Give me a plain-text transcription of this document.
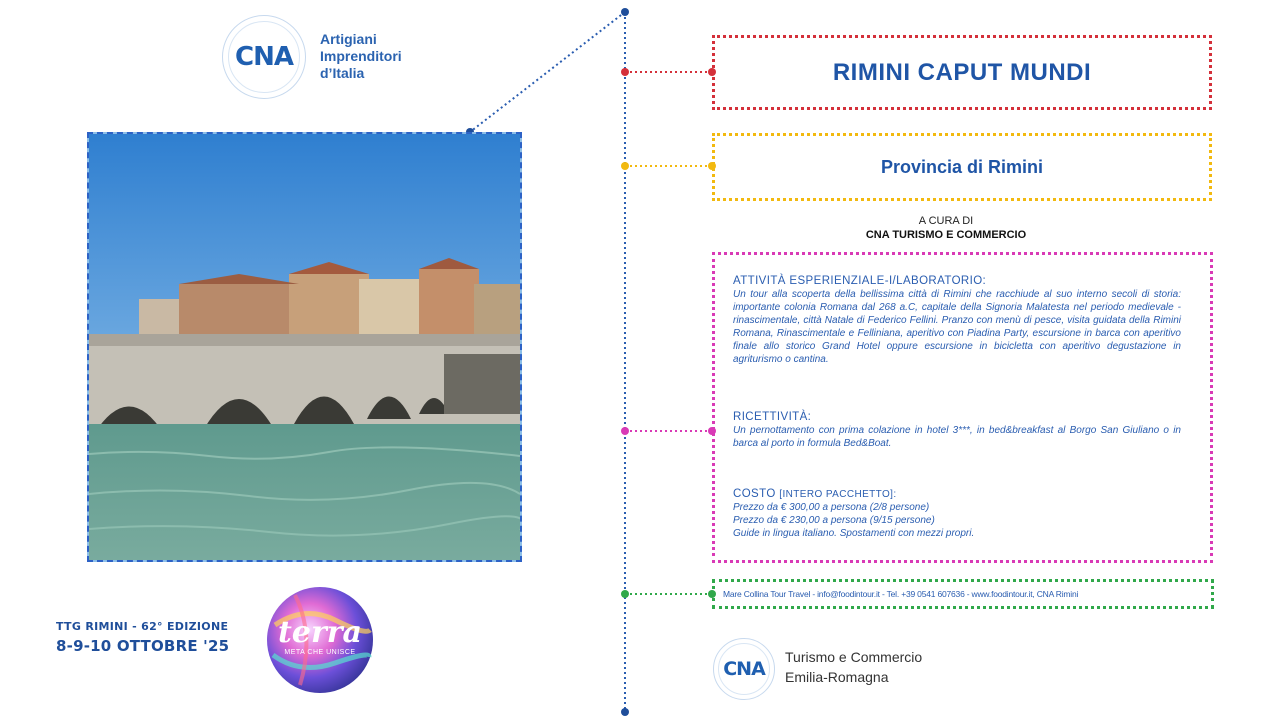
CNA
Artigiani
Imprenditori
d’Italia	RIMINI CAPUT MUNDI
Provincia di Rimini
A CURA DI
CNA TURISMO E COMMERCIO
ATTIVITÀ ESPERIENZIALE-I/LABORATORIO:
Un tour alla scoperta della bellissima città di Rimini che racchiude al suo interno secoli di storia: importante colonia Romana dal 268 a.C, capitale della Signoria Malatesta nel periodo medievale - rinascimentale, città Natale di Federico Fellini. Pranzo con menù di pesce, visita guidata della Rimini Romana, Rinascimentale e Felliniana, aperitivo con Piadina Party, escursione in barca con aperitivo finale allo storico Grand Hotel oppure escursione in bicicletta con aperitivo degustazione in agriturismo o cantina.
RICETTIVITÀ:
Un pernottamento con prima colazione in hotel 3***, in bed&breakfast al Borgo San Giuliano o in barca al porto in formula Bed&Boat.
COSTO [INTERO PACCHETTO]:
Prezzo da € 300,00 a persona (2/8 persone)
Prezzo da € 230,00 a persona (9/15 persone)
Guide in lingua italiano. Spostamenti con mezzi propri.
Mare Collina Tour Travel - info@foodintour.it - Tel. +39 0541 607636 - www.foodintour.it, CNA Rimini
TTG RIMINI - 62° EDIZIONE
8-9-10 OTTOBRE '25	terra
META CHE UNISCE
CNA
Turismo e Commercio
Emilia-Romagna
